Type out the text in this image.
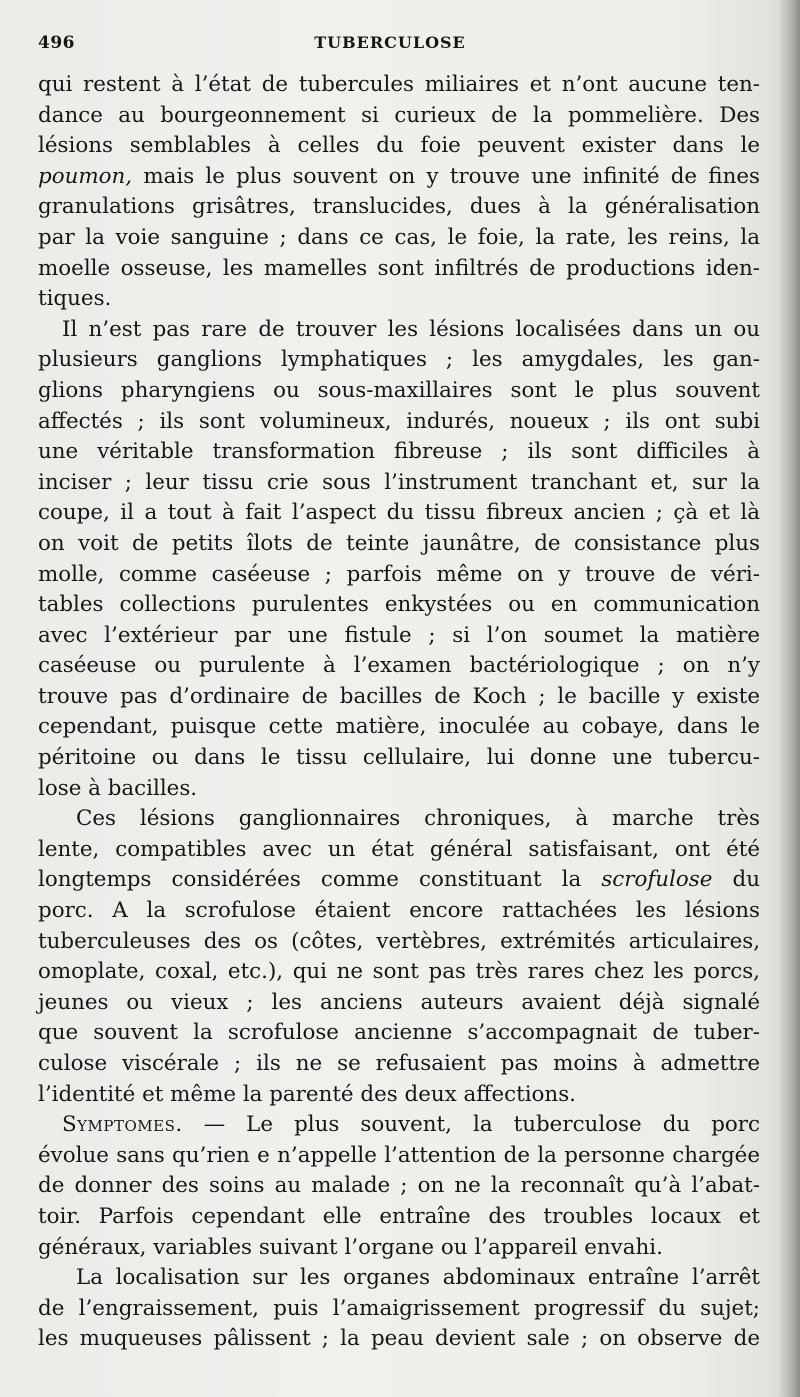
496	TUBERCULOSE
qui restent à l’état de tubercules miliaires et n’ont aucune ten-
dance au bourgeonnement si curieux de la pommelière. Des
lésions semblables à celles du foie peuvent exister dans le
poumon, mais le plus souvent on y trouve une infinité de fines
granulations grisâtres, translucides, dues à la généralisation
par la voie sanguine ; dans ce cas, le foie, la rate, les reins, la
moelle osseuse, les mamelles sont infiltrés de productions iden-
tiques.
Il n’est pas rare de trouver les lésions localisées dans un ou
plusieurs ganglions lymphatiques ; les amygdales, les gan-
glions pharyngiens ou sous-maxillaires sont le plus souvent
affectés ; ils sont volumineux, indurés, noueux ; ils ont subi
une véritable transformation fibreuse ; ils sont difficiles à
inciser ; leur tissu crie sous l’instrument tranchant et, sur la
coupe, il a tout à fait l’aspect du tissu fibreux ancien ; çà et là
on voit de petits îlots de teinte jaunâtre, de consistance plus
molle, comme caséeuse ; parfois même on y trouve de véri-
tables collections purulentes enkystées ou en communication
avec l’extérieur par une fistule ; si l’on soumet la matière
caséeuse ou purulente à l’examen bactériologique ; on n’y
trouve pas d’ordinaire de bacilles de Koch ; le bacille y existe
cependant, puisque cette matière, inoculée au cobaye, dans le
péritoine ou dans le tissu cellulaire, lui donne une tubercu-
lose à bacilles.
Ces lésions ganglionnaires chroniques, à marche très
lente, compatibles avec un état général satisfaisant, ont été
longtemps considérées comme constituant la scrofulose du
porc. A la scrofulose étaient encore rattachées les lésions
tuberculeuses des os (côtes, vertèbres, extrémités articulaires,
omoplate, coxal, etc.), qui ne sont pas très rares chez les porcs,
jeunes ou vieux ; les anciens auteurs avaient déjà signalé
que souvent la scrofulose ancienne s’accompagnait de tuber-
culose viscérale ; ils ne se refusaient pas moins à admettre
l’identité et même la parenté des deux affections.
Symptomes. — Le plus souvent, la tuberculose du porc
évolue sans qu’rien e n’appelle l’attention de la personne chargée
de donner des soins au malade ; on ne la reconnaît qu’à l’abat-
toir. Parfois cependant elle entraîne des troubles locaux et
généraux, variables suivant l’organe ou l’appareil envahi.
La localisation sur les organes abdominaux entraîne l’arrêt
de l’engraissement, puis l’amaigrissement progressif du sujet;
les muqueuses pâlissent ; la peau devient sale ; on observe de
